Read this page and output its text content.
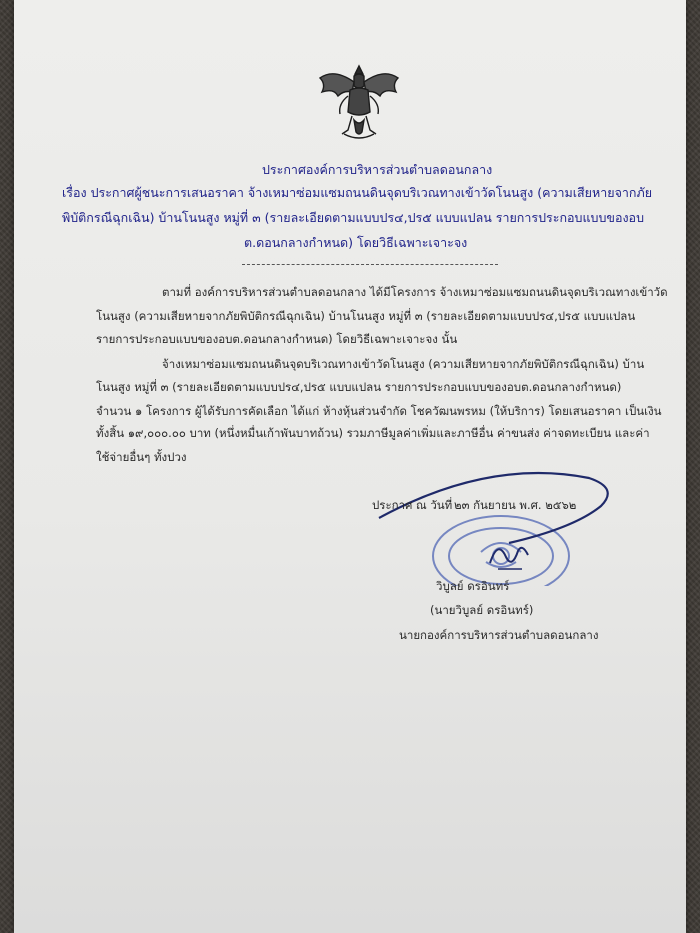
ประกาศองค์การบริหารส่วนตำบลดอนกลาง
เรื่อง ประกาศผู้ชนะการเสนอราคา จ้างเหมาซ่อมแซมถนนดินจุดบริเวณทางเข้าวัดโนนสูง (ความเสียหายจากภัย
พิบัติกรณีฉุกเฉิน) บ้านโนนสูง หมู่ที่ ๓ (รายละเอียดตามแบบปร๔,ปร๕ แบบแปลน รายการประกอบแบบของอบ
ต.ดอนกลางกำหนด) โดยวิธีเฉพาะเจาะจง
ตามที่ องค์การบริหารส่วนตำบลดอนกลาง ได้มีโครงการ จ้างเหมาซ่อมแซมถนนดินจุดบริเวณทางเข้าวัด
โนนสูง (ความเสียหายจากภัยพิบัติกรณีฉุกเฉิน) บ้านโนนสูง หมู่ที่ ๓ (รายละเอียดตามแบบปร๔,ปร๕ แบบแปลน
รายการประกอบแบบของอบต.ดอนกลางกำหนด) โดยวิธีเฉพาะเจาะจง นั้น
จ้างเหมาซ่อมแซมถนนดินจุดบริเวณทางเข้าวัดโนนสูง (ความเสียหายจากภัยพิบัติกรณีฉุกเฉิน) บ้าน
โนนสูง หมู่ที่ ๓ (รายละเอียดตามแบบปร๔,ปร๕ แบบแปลน รายการประกอบแบบของอบต.ดอนกลางกำหนด)
จำนวน ๑ โครงการ ผู้ได้รับการคัดเลือก ได้แก่ ห้างหุ้นส่วนจำกัด โชควัฒนพรหม (ให้บริการ) โดยเสนอราคา เป็นเงิน
ทั้งสิ้น ๑๙,๐๐๐.๐๐ บาท (หนึ่งหมื่นเก้าพันบาทถ้วน) รวมภาษีมูลค่าเพิ่มและภาษีอื่น ค่าขนส่ง ค่าจดทะเบียน และค่า
ใช้จ่ายอื่นๆ ทั้งปวง
ประกาศ ณ วันที่ ๒๓ กันยายน พ.ศ. ๒๕๖๒
วิบูลย์ ดรอินทร์
(นายวิบูลย์ ดรอินทร์)
นายกองค์การบริหารส่วนตำบลดอนกลาง
